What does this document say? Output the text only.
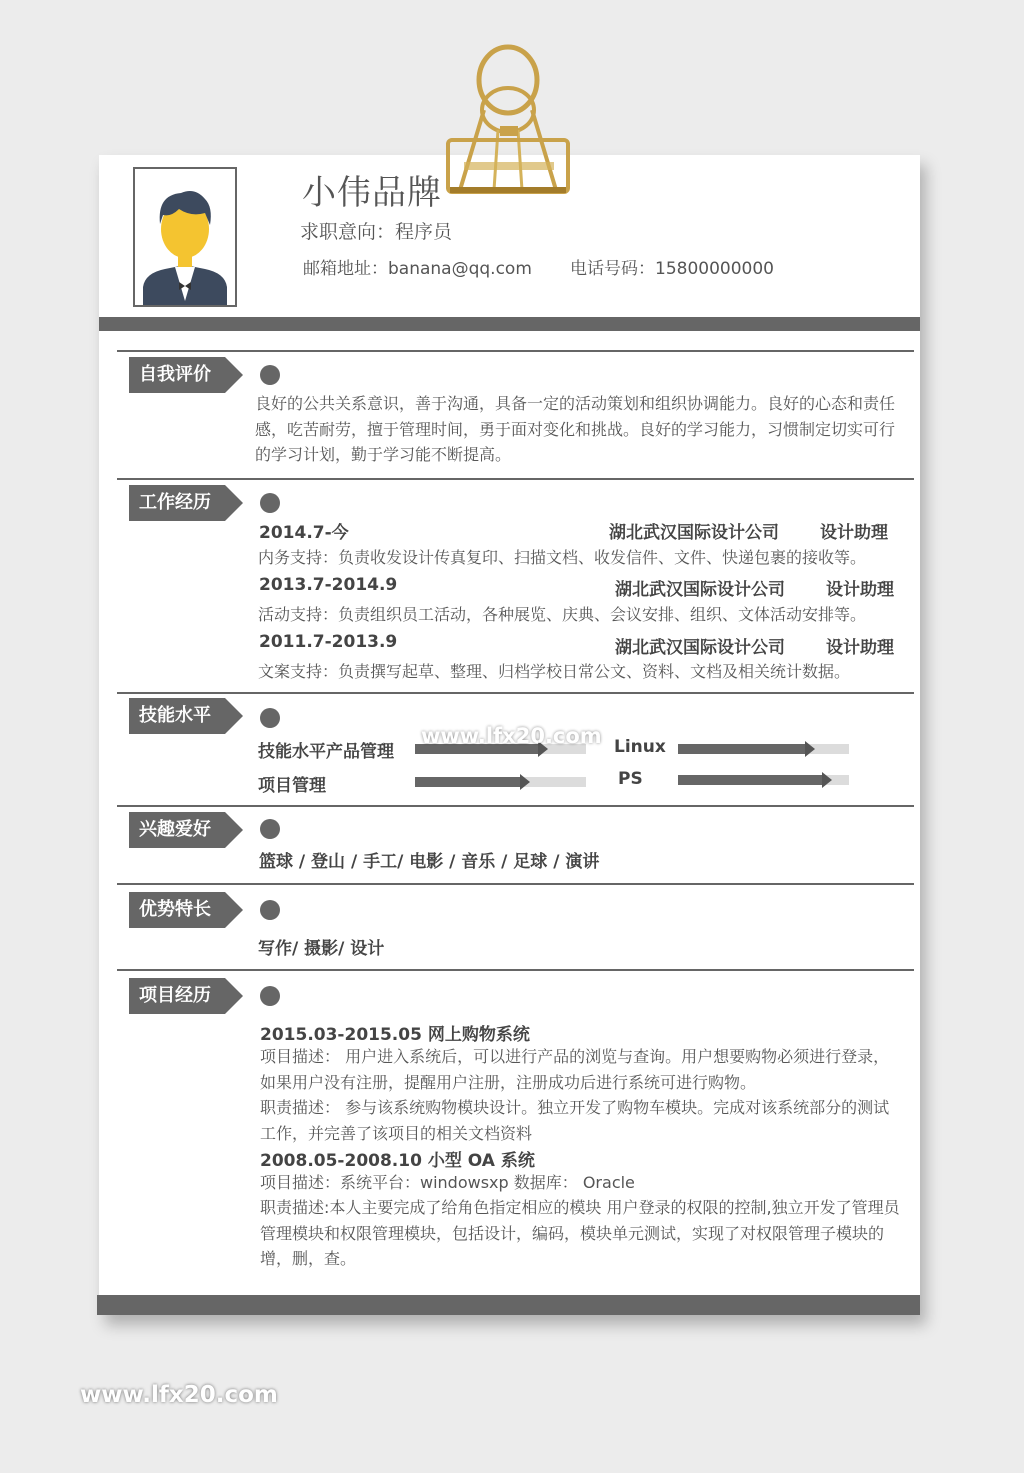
小伟品牌
求职意向：程序员
邮箱地址：banana@qq.com 电话号码：15800000000
自我评价
良好的公共关系意识，善于沟通，具备一定的活动策划和组织协调能力。良好的心态和责任感，吃苦耐劳，擅于管理时间，勇于面对变化和挑战。良好的学习能力，习惯制定切实可行的学习计划，勤于学习能不断提高。
工作经历
2014.7-今	湖北武汉国际设计公司 设计助理
内务支持：负责收发设计传真复印、扫描文档、收发信件、文件、快递包裹的接收等。
2013.7-2014.9	湖北武汉国际设计公司 设计助理
活动支持：负责组织员工活动，各种展览、庆典、会议安排、组织、文体活动安排等。
2011.7-2013.9	湖北武汉国际设计公司 设计助理
文案支持：负责撰写起草、整理、归档学校日常公文、资料、文档及相关统计数据。
技能水平
技能水平产品管理	Linux
项目管理	PS
兴趣爱好
篮球 / 登山 / 手工/ 电影 / 音乐 / 足球 / 演讲
优势特长
写作/ 摄影/ 设计
项目经历
2015.03-2015.05 网上购物系统
项目描述： 用户进入系统后，可以进行产品的浏览与查询。用户想要购物必须进行登录，如果用户没有注册，提醒用户注册，注册成功后进行系统可进行购物。
职责描述： 参与该系统购物模块设计。独立开发了购物车模块。完成对该系统部分的测试工作，并完善了该项目的相关文档资料
2008.05-2008.10 小型 OA 系统
项目描述：系统平台：windowsxp 数据库： Oracle
职责描述:本人主要完成了给角色指定相应的模块 用户登录的权限的控制,独立开发了管理员管理模块和权限管理模块，包括设计，编码，模块单元测试，实现了对权限管理子模块的增，删，查。
www.lfx20.com
www.lfx20.com
